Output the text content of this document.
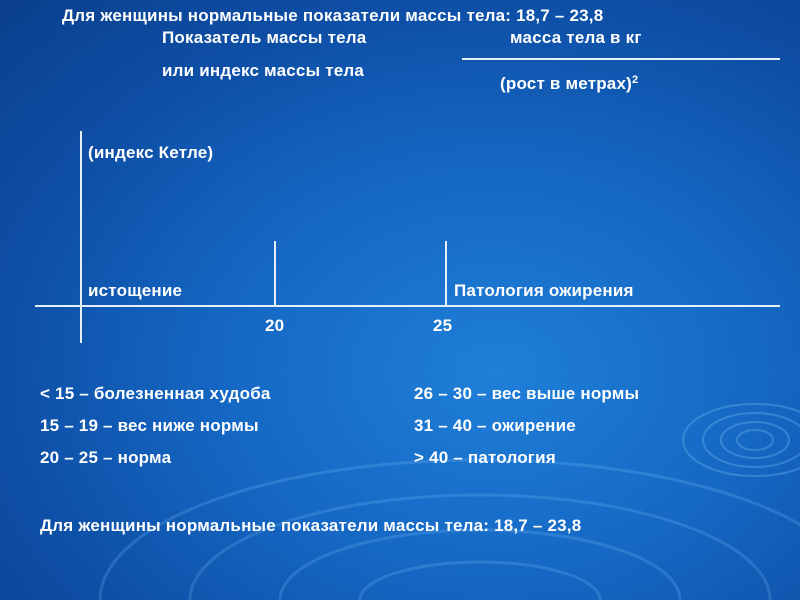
Для женщины нормальные показатели массы тела: 18,7 – 23,8
Показатель массы тела
или индекс массы тела
масса тела в кг
(рост в метрах)$^2$
(индекс Кетле)
истощение	Патология ожирения
20	25
< 15 – болезненная худоба
15 – 19 – вес ниже нормы
20 – 25 – норма
26 – 30 – вес выше нормы
31 – 40 – ожирение
> 40 – патология
Для женщины нормальные показатели массы тела: 18,7 – 23,8
